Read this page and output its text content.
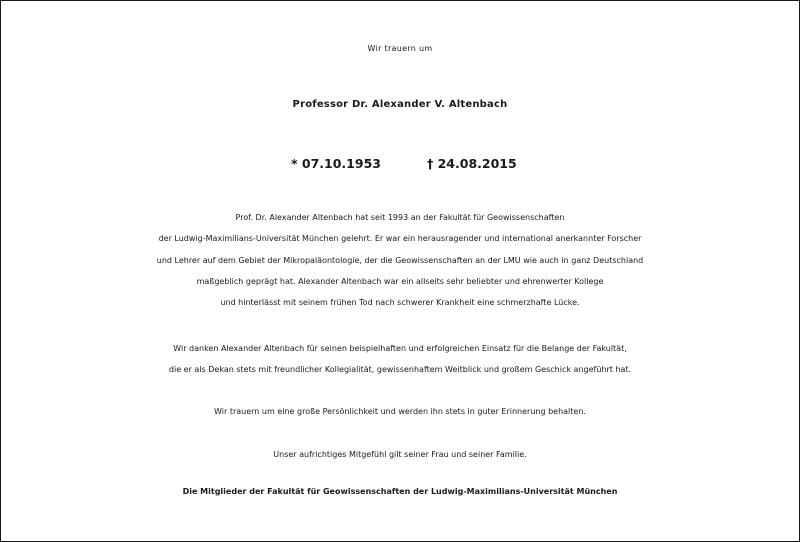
Wir trauern um
Professor Dr. Alexander V. Altenbach
* 07.10.1953	† 24.08.2015
Prof. Dr. Alexander Altenbach hat seit 1993 an der Fakultät für Geowissenschaften
der Ludwig-Maximilians-Universität München gelehrt. Er war ein herausragender und international anerkannter Forscher
und Lehrer auf dem Gebiet der Mikropaläontologie, der die Geowissenschaften an der LMU wie auch in ganz Deutschland
maßgeblich geprägt hat. Alexander Altenbach war ein allseits sehr beliebter und ehrenwerter Kollege
und hinterlässt mit seinem frühen Tod nach schwerer Krankheit eine schmerzhafte Lücke.
Wir danken Alexander Altenbach für seinen beispielhaften und erfolgreichen Einsatz für die Belange der Fakultät,
die er als Dekan stets mit freundlicher Kollegialität, gewissenhaftem Weitblick und großem Geschick angeführt hat.
Wir trauern um eine große Persönlichkeit und werden ihn stets in guter Erinnerung behalten.
Unser aufrichtiges Mitgefühl gilt seiner Frau und seiner Familie.
Die Mitglieder der Fakultät für Geowissenschaften der Ludwig-Maximilians-Universität München
